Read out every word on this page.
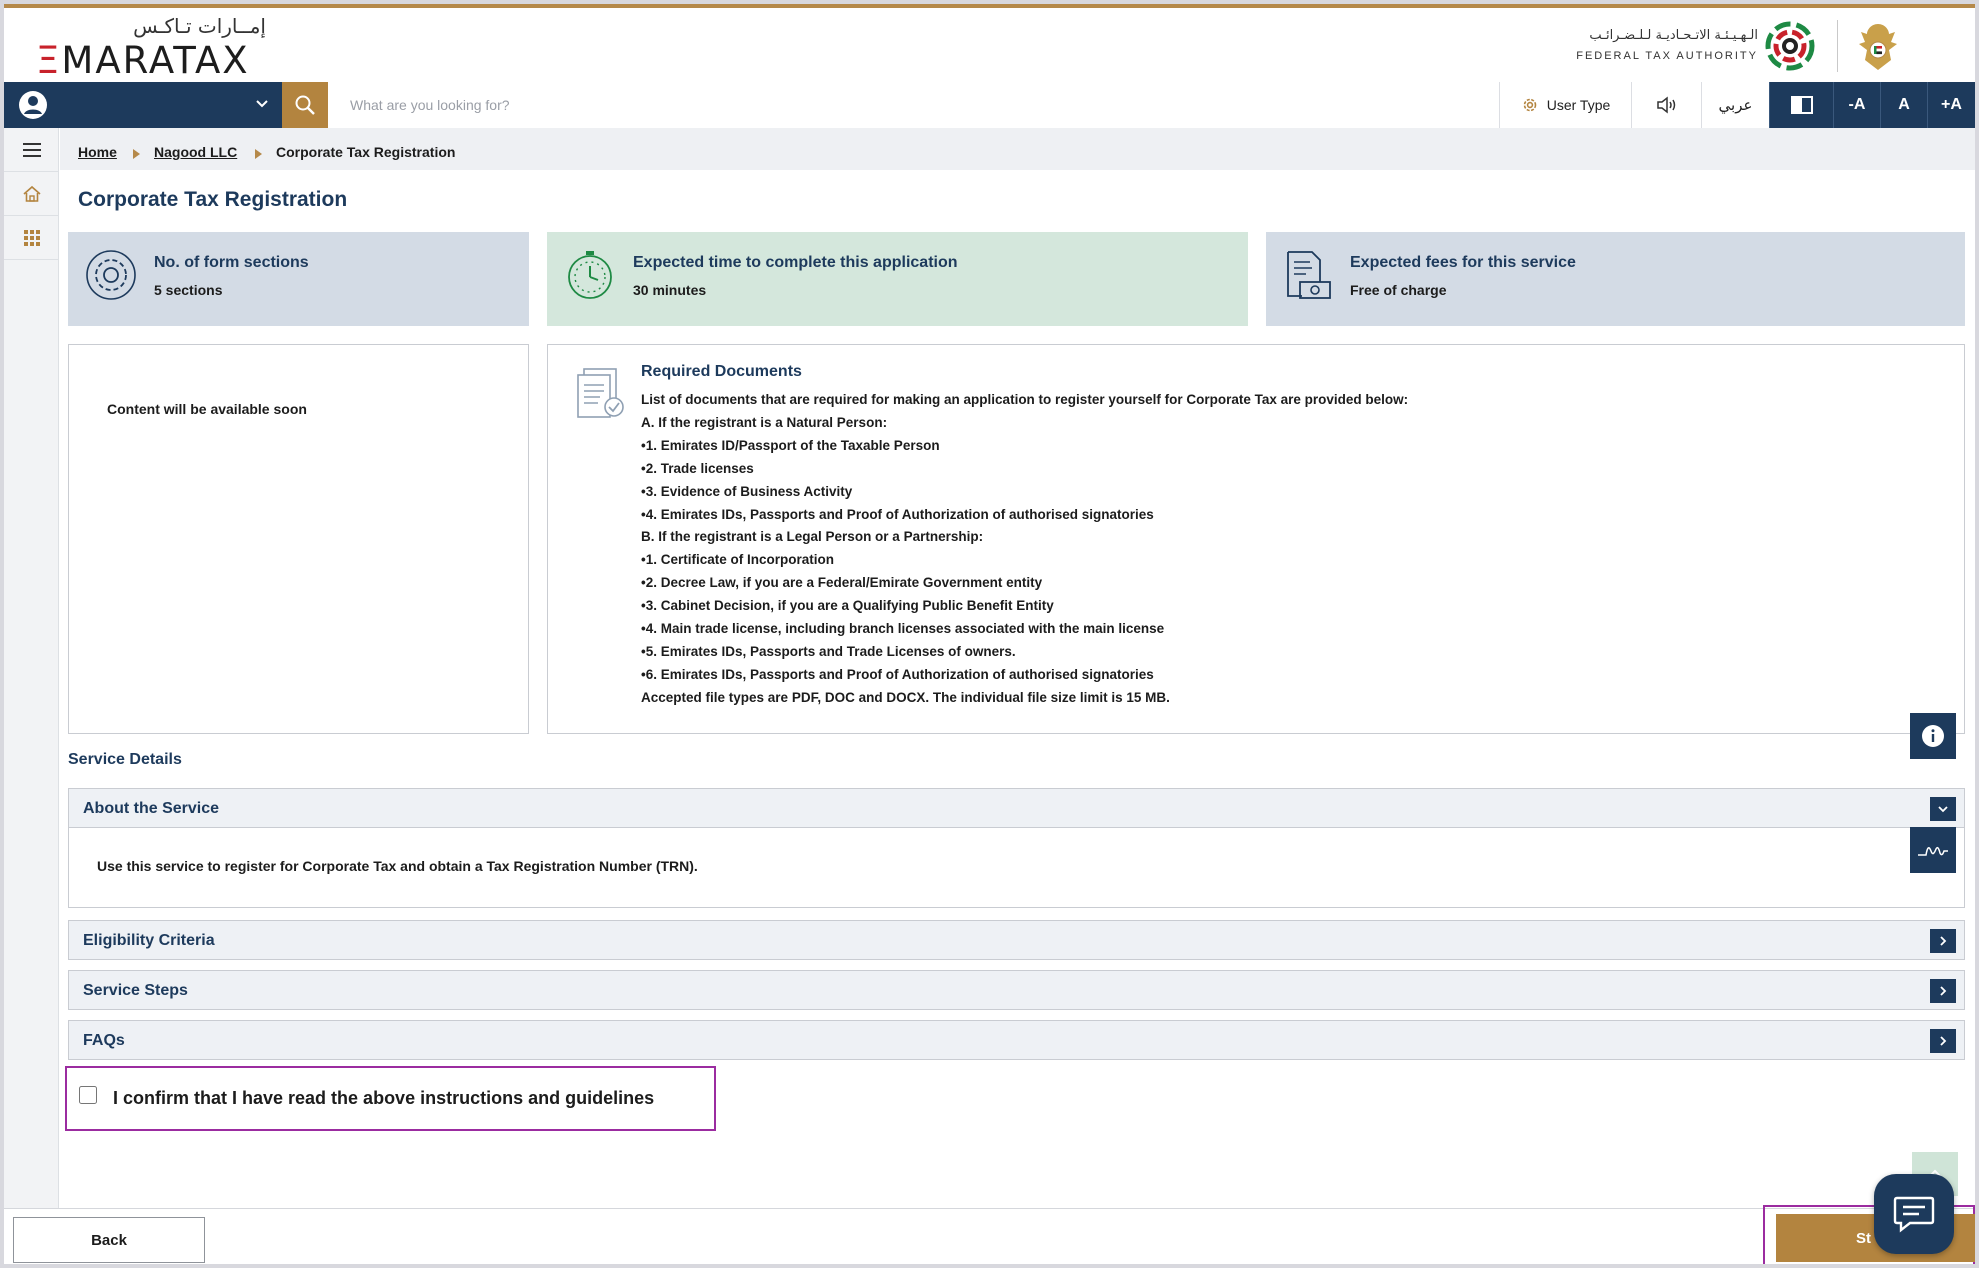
إمــارات تـاكـس
ΞMARATAX
الـهـيـئـة الاتـحـاديـة لـلـضـرائـب
FEDERAL TAX AUTHORITY
What are you looking for?
User Type	عربي	-A	A	+A
Home	Nagood LLC	Corporate Tax Registration
Corporate Tax Registration
No. of form sections
5 sections
Expected time to complete this application
30 minutes
Expected fees for this service
Free of charge
Content will be available soon
Required Documents
List of documents that are required for making an application to register yourself for Corporate Tax are provided below:
A. If the registrant is a Natural Person:
•1. Emirates ID/Passport of the Taxable Person
•2. Trade licenses
•3. Evidence of Business Activity
•4. Emirates IDs, Passports and Proof of Authorization of authorised signatories
B. If the registrant is a Legal Person or a Partnership:
•1. Certificate of Incorporation
•2. Decree Law, if you are a Federal/Emirate Government entity
•3. Cabinet Decision, if you are a Qualifying Public Benefit Entity
•4. Main trade license, including branch licenses associated with the main license
•5. Emirates IDs, Passports and Trade Licenses of owners.
•6. Emirates IDs, Passports and Proof of Authorization of authorised signatories
Accepted file types are PDF, DOC and DOCX. The individual file size limit is 15 MB.
Service Details
About the Service

Use this service to register for Corporate Tax and obtain a Tax Registration Number (TRN).

Eligibility Criteria
Service Steps
FAQs
I confirm that I have read the above instructions and guidelines
Back	St
